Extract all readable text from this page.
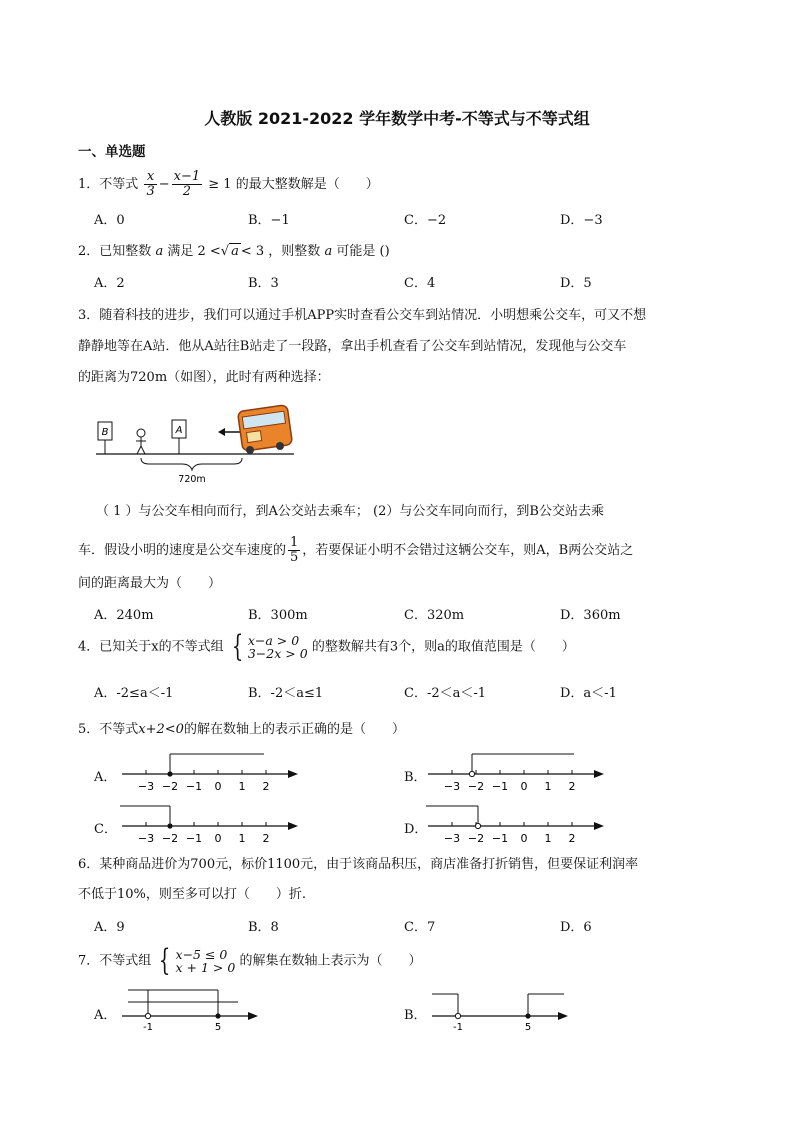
人教版 2021-2022 学年数学中考-不等式与不等式组
一、单选题
1．不等式 $\frac{x}{3} - \frac{x-1}{2} \ge 1$ 的最大整数解是（　　）
A．0	B．−1	C．−2	D．−3
2．已知整数 a 满足 2 <√ a < 3 ，则整数 a 可能是 ()
A．2	B．3	C．4	D．5
3．随着科技的进步，我们可以通过手机APP实时查看公交车到站情况．小明想乘公交车，可又不想
静静地等在A站．他从A站往B站走了一段路，拿出手机查看了公交车到站情况，发现他与公交车
的距离为720m（如图），此时有两种选择：
B	A
720m
（ 1 ）与公交车相向而行，到A公交站去乘车； (2）与公交车同向而行，到B公交站去乘
车．假设小明的速度是公交车速度的 $\frac{1}{5}$ ，若要保证小明不会错过这辆公交车，则A，B两公交站之
间的距离最大为（　　）
A．240m	B．300m	C．320m	D．360m
4．已知关于x的不等式组 { x−a > 0
3−2x > 0 的整数解共有3个，则a的取值范围是（　　）
A．-2≤a＜-1	B．-2＜a≤1	C．-2＜a＜-1	D．a＜-1
5．不等式x+2<0的解在数轴上的表示正确的是（　　）
A．	B．
C．	D．
−3 −2 −1 0 1 2	−3 −2 −1 0 1 2
−3 −2 −1 0 1 2	−3 −2 −1 0 1 2
6．某种商品进价为700元，标价1100元，由于该商品积压，商店准备打折销售，但要保证利润率
不低于10%，则至多可以打（　　）折.
A．9	B．8	C．7	D．6
7．不等式组 { x−5 ≤ 0
x + 1 > 0 的解集在数轴上表示为（　　）
A．	B．
-1	5	-1	5
